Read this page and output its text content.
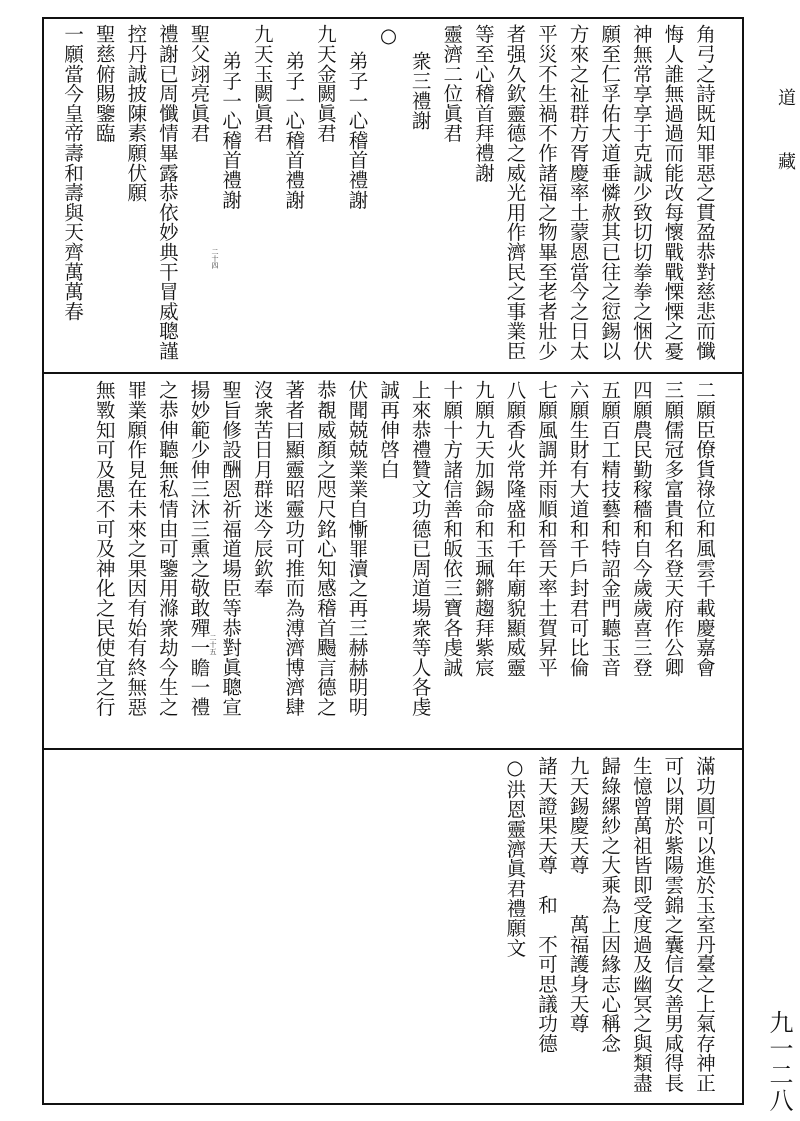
道
藏
九一二八
二十四
二十五
角弓之詩既知罪惡之貫盈恭對慈悲而懺
悔人誰無過過而能改每懷戰戰慄慄之憂
神無常享享于克誠少致切切拳拳之悃伏
願至仁孚佑大道垂憐赦其已往之愆錫以
方來之祉群方胥慶率土蒙恩當今之日太
平災不生禍不作諸福之物畢至老者壯少
者强久欽靈德之威光用作濟民之事業臣
等至心稽首拜禮謝
靈濟二位眞君
衆三禮謝
○
弟子一心稽首禮謝
九天金闕眞君
弟子一心稽首禮謝
九天玉闕眞君
弟子一心稽首禮謝
聖父翊亮眞君
禮謝已周懺情畢露恭依妙典干冒威聰謹
控丹誠披陳素願伏願
聖慈俯賜鑒臨
一願當今皇帝壽和壽與天齊萬萬春
二願臣僚貨祿位和風雲千載慶嘉會
三願儒冠多富貴和名登天府作公卿
四願農民勤稼穡和自今歲歲喜三登
五願百工精技藝和特詔金門聽玉音
六願生財有大道和千戶封君可比倫
七願風調并雨順和晉天率土賀昇平
八願香火常隆盛和千年廟貌顯威靈
九願九天加錫命和玉珮鏘趨拜紫宸
十願十方諸信善和皈依三寶各虔誠
上來恭禮贊文功德已周道場衆等人各虔
誠再伸啓白
伏聞兢兢業業自慚罪瀆之再三赫赫明明
恭覩威顏之咫尺銘心知感稽首颺言德之
著者曰顯靈昭靈功可推而為溥濟博濟肆
沒衆苦日月群迷今辰欽奉
聖旨修設酬恩祈福道場臣等恭對眞聰宣
揚妙範少伸三沐三熏之敬敢殫一瞻一禮
之恭伸聽無私情由可鑒用滌衆劫今生之
罪業願作見在未來之果因有始有終無惡
無斁知可及愚不可及神化之民使宜之行
滿功圓可以進於玉室丹臺之上氣存神正
可以開於紫陽雲錦之囊信女善男咸得長
生憶曾萬祖皆即受度過及幽冥之與類盡
歸綠縲紗之大乘為上因緣志心稱念
九天錫慶天尊　　萬福護身天尊
諸天證果天尊　和　不可思議功德
○洪恩靈濟眞君禮願文
